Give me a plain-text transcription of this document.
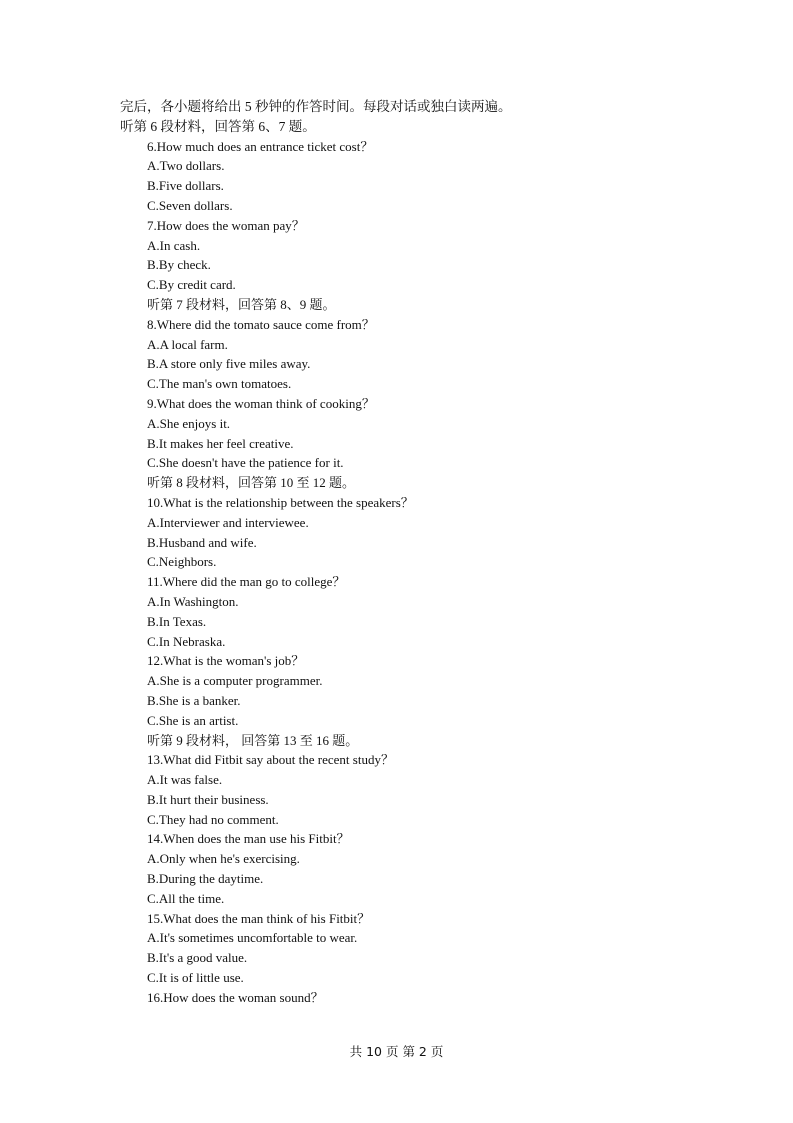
完后，各小题将给出 5 秒钟的作答时间。每段对话或独白读两遍。
听第 6 段材料，回答第 6、7 题。
6.How much does an entrance ticket cost？
A.Two dollars.
B.Five dollars.
C.Seven dollars.
7.How does the woman pay？
A.In cash.
B.By check.
C.By credit card.
听第 7 段材料，回答第 8、9 题。
8.Where did the tomato sauce come from？
A.A local farm.
B.A store only five miles away.
C.The man's own tomatoes.
9.What does the woman think of cooking？
A.She enjoys it.
B.It makes her feel creative.
C.She doesn't have the patience for it.
听第 8 段材料，回答第 10 至 12 题。
10.What is the relationship between the speakers？
A.Interviewer and interviewee.
B.Husband and wife.
C.Neighbors.
11.Where did the man go to college？
A.In Washington.
B.In Texas.
C.In Nebraska.
12.What is the woman's job？
A.She is a computer programmer.
B.She is a banker.
C.She is an artist.
听第 9 段材料， 回答第 13 至 16 题。
13.What did Fitbit say about the recent study？
A.It was false.
B.It hurt their business.
C.They had no comment.
14.When does the man use his Fitbit？
A.Only when he's exercising.
B.During the daytime.
C.All the time.
15.What does the man think of his Fitbit？
A.It's sometimes uncomfortable to wear.
B.It's a good value.
C.It is of little use.
16.How does the woman sound？
共 10 页 第 2 页
